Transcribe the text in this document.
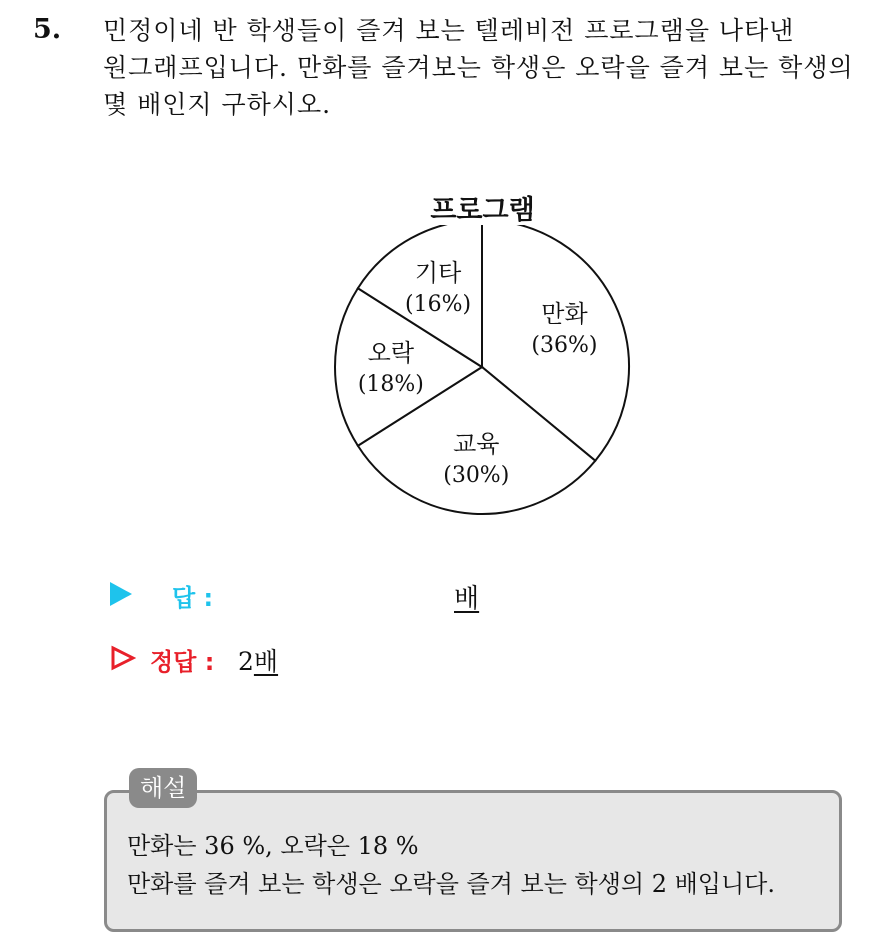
5. 민정이네 반 학생들이 즐겨 보는 텔레비전 프로그램을 나타낸
원그래프입니다. 만화를 즐겨보는 학생은 오락을 즐겨 보는 학생의
몇 배인지 구하시오.
프로그램
만화
(36%)
교육
(30%)
오락
(18%)
기타
(16%)
답 :	배
정답 : 2배
해설
만화는 36 %, 오락은 18 %
만화를 즐겨 보는 학생은 오락을 즐겨 보는 학생의 2 배입니다.
